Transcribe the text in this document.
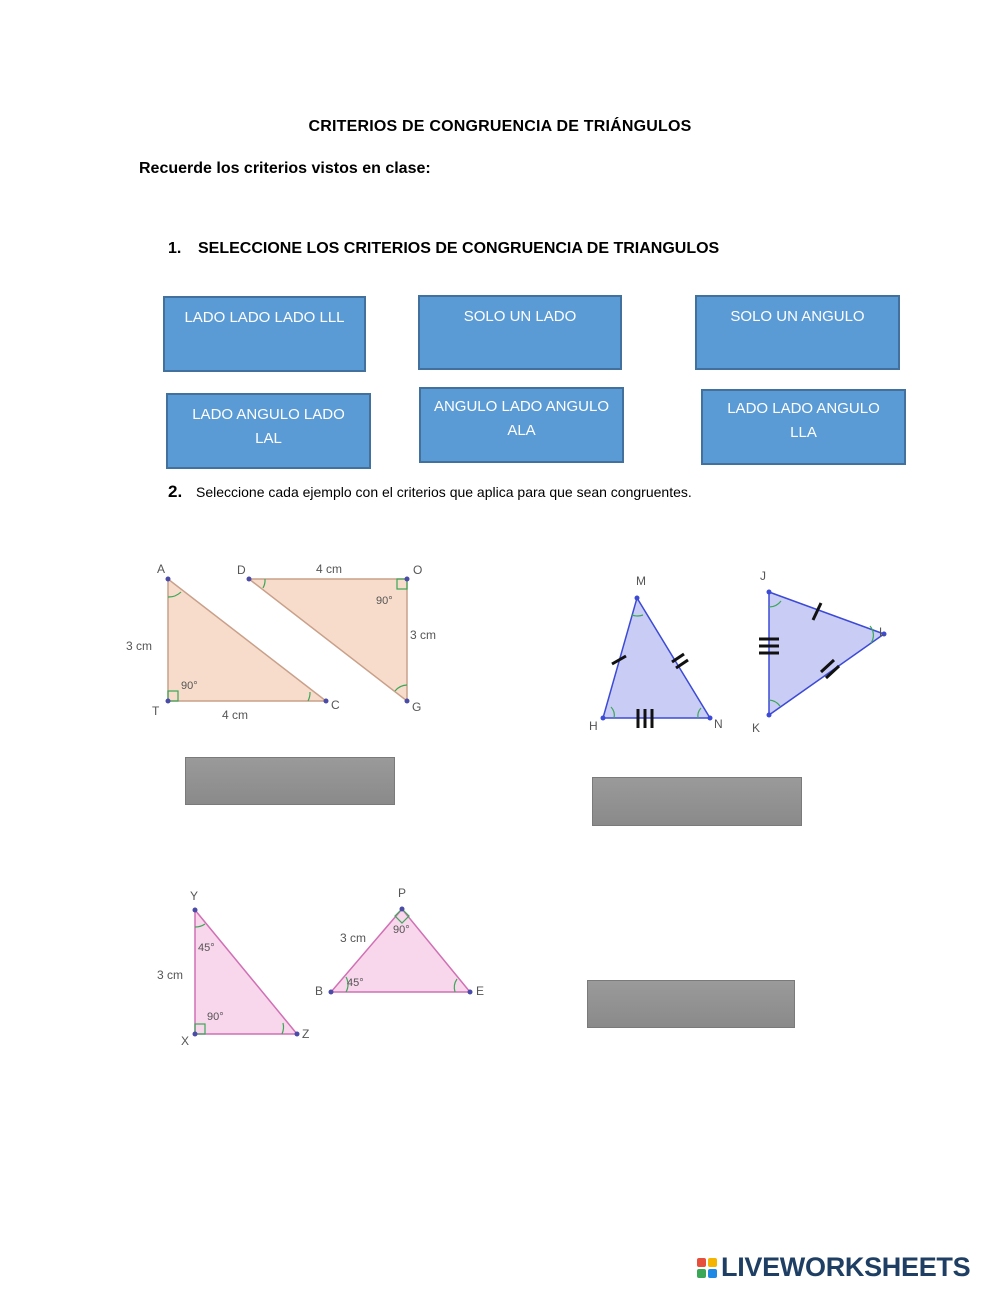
CRITERIOS DE CONGRUENCIA DE TRIÁNGULOS
Recuerde los criterios vistos en clase:
1. SELECCIONE LOS CRITERIOS DE CONGRUENCIA DE TRIANGULOS
LADO LADO LADO LLL	SOLO UN LADO	SOLO UN ANGULO
LADO ANGULO LADO LAL
ANGULO LADO ANGULO ALA
LADO LADO ANGULO LLA
2. Seleccione cada ejemplo con el criterios que aplica para que sean congruentes.
A
T	C
D	O
G
4 cm
3 cm
3 cm
4 cm
90°
90°
M
H	N
J
K
L
Y
X	Z
P
B	E
3 cm
3 cm
45°
90°
90°
45°
LIVEWORKSHEETS
